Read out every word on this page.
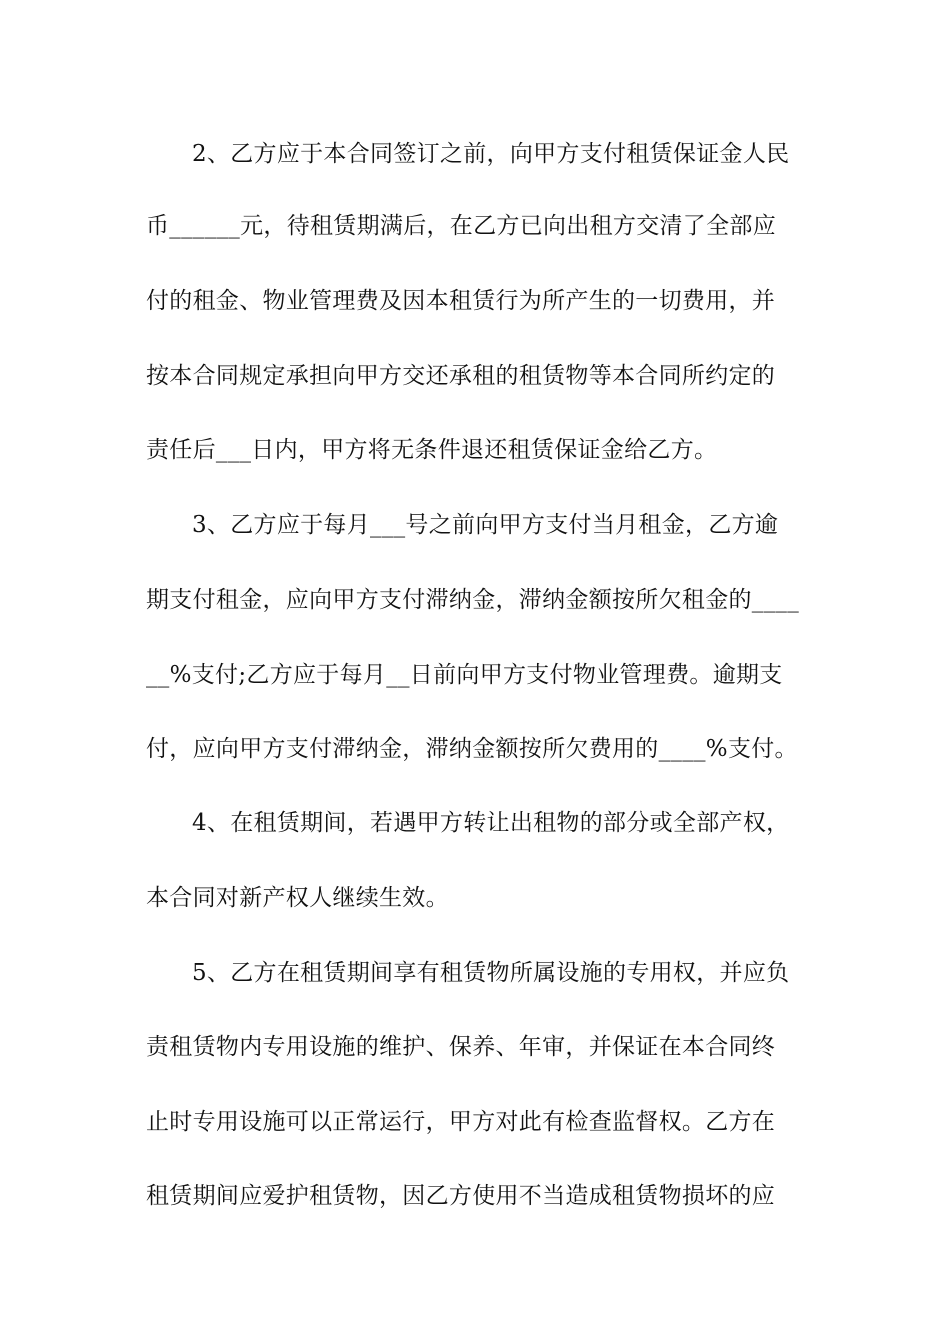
2、乙方应于本合同签订之前，向甲方支付租赁保证金人民
币______元，待租赁期满后，在乙方已向出租方交清了全部应
付的租金、物业管理费及因本租赁行为所产生的一切费用，并
按本合同规定承担向甲方交还承租的租赁物等本合同所约定的
责任后___日内，甲方将无条件退还租赁保证金给乙方。
3、乙方应于每月___号之前向甲方支付当月租金，乙方逾
期支付租金，应向甲方支付滞纳金，滞纳金额按所欠租金的____
__%支付;乙方应于每月__日前向甲方支付物业管理费。逾期支
付，应向甲方支付滞纳金，滞纳金额按所欠费用的____%支付。
4、在租赁期间，若遇甲方转让出租物的部分或全部产权，
本合同对新产权人继续生效。
5、乙方在租赁期间享有租赁物所属设施的专用权，并应负
责租赁物内专用设施的维护、保养、年审，并保证在本合同终
止时专用设施可以正常运行，甲方对此有检查监督权。乙方在
租赁期间应爱护租赁物，因乙方使用不当造成租赁物损坏的应
